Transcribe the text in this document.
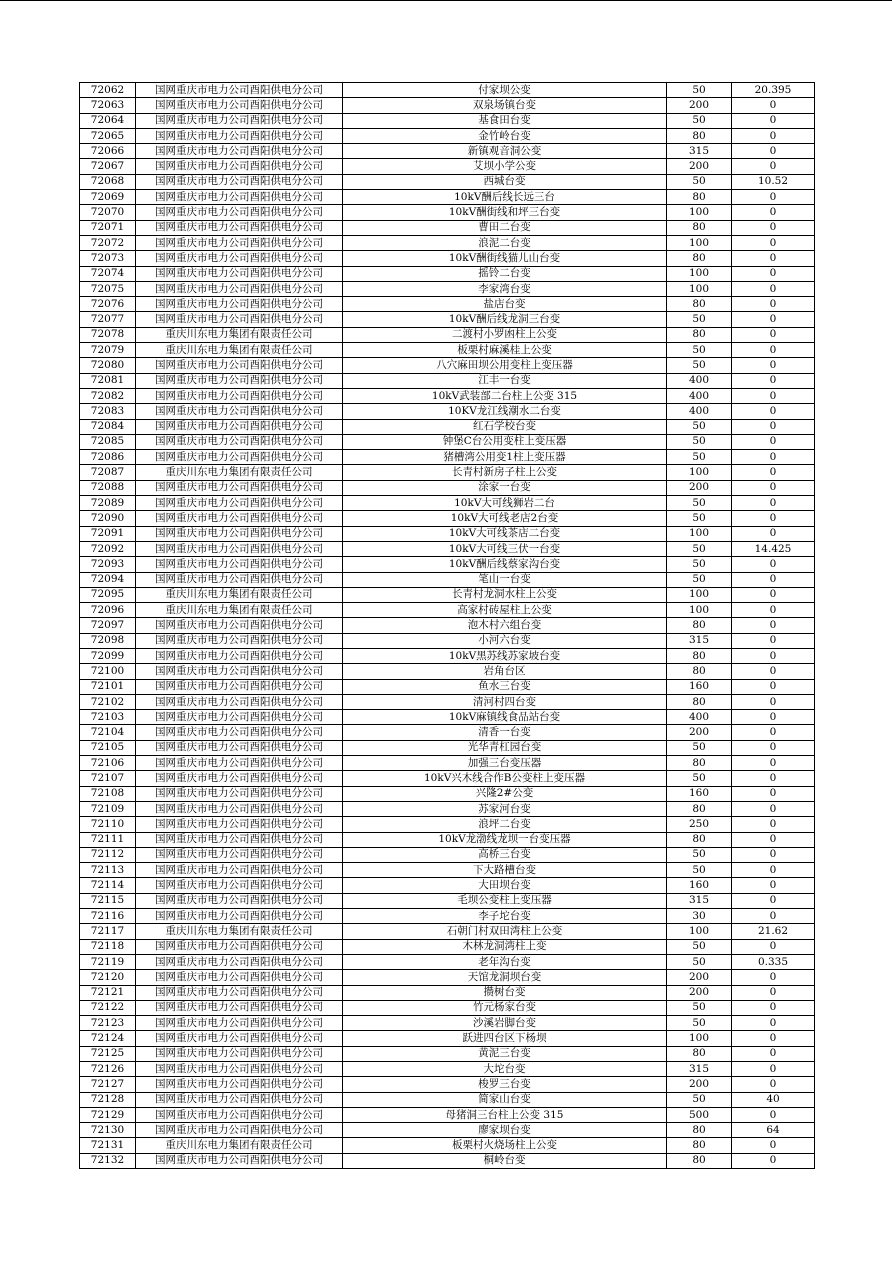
72062	国网重庆市电力公司酉阳供电分公司	付家坝公变	50	20.395
72063	国网重庆市电力公司酉阳供电分公司	双泉场镇台变	200	0
72064	国网重庆市电力公司酉阳供电分公司	基食田台变	50	0
72065	国网重庆市电力公司酉阳供电分公司	金竹岭台变	80	0
72066	国网重庆市电力公司酉阳供电分公司	新镇观音洞公变	315	0
72067	国网重庆市电力公司酉阳供电分公司	艾坝小学公变	200	0
72068	国网重庆市电力公司酉阳供电分公司	西城台变	50	10.52
72069	国网重庆市电力公司酉阳供电分公司	10kV酬后线长远三台	80	0
72070	国网重庆市电力公司酉阳供电分公司	10kV酬街线和坪三台变	100	0
72071	国网重庆市电力公司酉阳供电分公司	曹田二台变	80	0
72072	国网重庆市电力公司酉阳供电分公司	浪泥二台变	100	0
72073	国网重庆市电力公司酉阳供电分公司	10kV酬街线猫儿山台变	80	0
72074	国网重庆市电力公司酉阳供电分公司	摇铃二台变	100	0
72075	国网重庆市电力公司酉阳供电分公司	李家湾台变	100	0
72076	国网重庆市电力公司酉阳供电分公司	盐店台变	80	0
72077	国网重庆市电力公司酉阳供电分公司	10kV酬后线龙洞三台变	50	0
72078	重庆川东电力集团有限责任公司	二渡村小罗凼柱上公变	80	0
72079	重庆川东电力集团有限责任公司	板栗村麻溪桂上公变	50	0
72080	国网重庆市电力公司酉阳供电分公司	八穴麻田坝公用变柱上变压器	50	0
72081	国网重庆市电力公司酉阳供电分公司	江丰一台变	400	0
72082	国网重庆市电力公司酉阳供电分公司	10kV武装部二台柱上公变 315	400	0
72083	国网重庆市电力公司酉阳供电分公司	10KV龙江线潮水二台变	400	0
72084	国网重庆市电力公司酉阳供电分公司	红石学校台变	50	0
72085	国网重庆市电力公司酉阳供电分公司	钟堡C台公用变柱上变压器	50	0
72086	国网重庆市电力公司酉阳供电分公司	猪槽湾公用变1柱上变压器	50	0
72087	重庆川东电力集团有限责任公司	长青村新房子柱上公变	100	0
72088	国网重庆市电力公司酉阳供电分公司	涂家一台变	200	0
72089	国网重庆市电力公司酉阳供电分公司	10kV大可线狮岩二台	50	0
72090	国网重庆市电力公司酉阳供电分公司	10kV大可线老店2台变	50	0
72091	国网重庆市电力公司酉阳供电分公司	10kV大可线茶店二台变	100	0
72092	国网重庆市电力公司酉阳供电分公司	10kV大可线三伏一台变	50	14.425
72093	国网重庆市电力公司酉阳供电分公司	10kV酬后线蔡家沟台变	50	0
72094	国网重庆市电力公司酉阳供电分公司	笔山一台变	50	0
72095	重庆川东电力集团有限责任公司	长青村龙洞水柱上公变	100	0
72096	重庆川东电力集团有限责任公司	高家村砖屋柱上公变	100	0
72097	国网重庆市电力公司酉阳供电分公司	泡木村六组台变	80	0
72098	国网重庆市电力公司酉阳供电分公司	小河六台变	315	0
72099	国网重庆市电力公司酉阳供电分公司	10kV黑苏线苏家坡台变	80	0
72100	国网重庆市电力公司酉阳供电分公司	岩角台区	80	0
72101	国网重庆市电力公司酉阳供电分公司	鱼水三台变	160	0
72102	国网重庆市电力公司酉阳供电分公司	清河村四台变	80	0
72103	国网重庆市电力公司酉阳供电分公司	10kV麻镇线食品站台变	400	0
72104	国网重庆市电力公司酉阳供电分公司	清香一台变	200	0
72105	国网重庆市电力公司酉阳供电分公司	光华青杠园台变	50	0
72106	国网重庆市电力公司酉阳供电分公司	加强三台变压器	80	0
72107	国网重庆市电力公司酉阳供电分公司	10kV兴木线合作B公变柱上变压器	50	0
72108	国网重庆市电力公司酉阳供电分公司	兴隆2#公变	160	0
72109	国网重庆市电力公司酉阳供电分公司	苏家河台变	80	0
72110	国网重庆市电力公司酉阳供电分公司	浪坪二台变	250	0
72111	国网重庆市电力公司酉阳供电分公司	10kV龙渤线龙坝一台变压器	80	0
72112	国网重庆市电力公司酉阳供电分公司	高桥三台变	50	0
72113	国网重庆市电力公司酉阳供电分公司	下大路槽台变	50	0
72114	国网重庆市电力公司酉阳供电分公司	大田坝台变	160	0
72115	国网重庆市电力公司酉阳供电分公司	毛坝公变柱上变压器	315	0
72116	国网重庆市电力公司酉阳供电分公司	李子坨台变	30	0
72117	重庆川东电力集团有限责任公司	石朝门村双田湾柱上公变	100	21.62
72118	国网重庆市电力公司酉阳供电分公司	木林龙洞湾柱上变	50	0
72119	国网重庆市电力公司酉阳供电分公司	老年沟台变	50	0.335
72120	国网重庆市电力公司酉阳供电分公司	天馆龙洞坝台变	200	0
72121	国网重庆市电力公司酉阳供电分公司	攒树台变	200	0
72122	国网重庆市电力公司酉阳供电分公司	竹元杨家台变	50	0
72123	国网重庆市电力公司酉阳供电分公司	沙溪岩脚台变	50	0
72124	国网重庆市电力公司酉阳供电分公司	跃进四台区下杨坝	100	0
72125	国网重庆市电力公司酉阳供电分公司	黄泥三台变	80	0
72126	国网重庆市电力公司酉阳供电分公司	大坨台变	315	0
72127	国网重庆市电力公司酉阳供电分公司	梭罗三台变	200	0
72128	国网重庆市电力公司酉阳供电分公司	简家山台变	50	40
72129	国网重庆市电力公司酉阳供电分公司	母猪洞三台柱上公变 315	500	0
72130	国网重庆市电力公司酉阳供电分公司	廖家坝台变	80	64
72131	重庆川东电力集团有限责任公司	板栗村火烧场柱上公变	80	0
72132	国网重庆市电力公司酉阳供电分公司	桐岭台变	80	0
